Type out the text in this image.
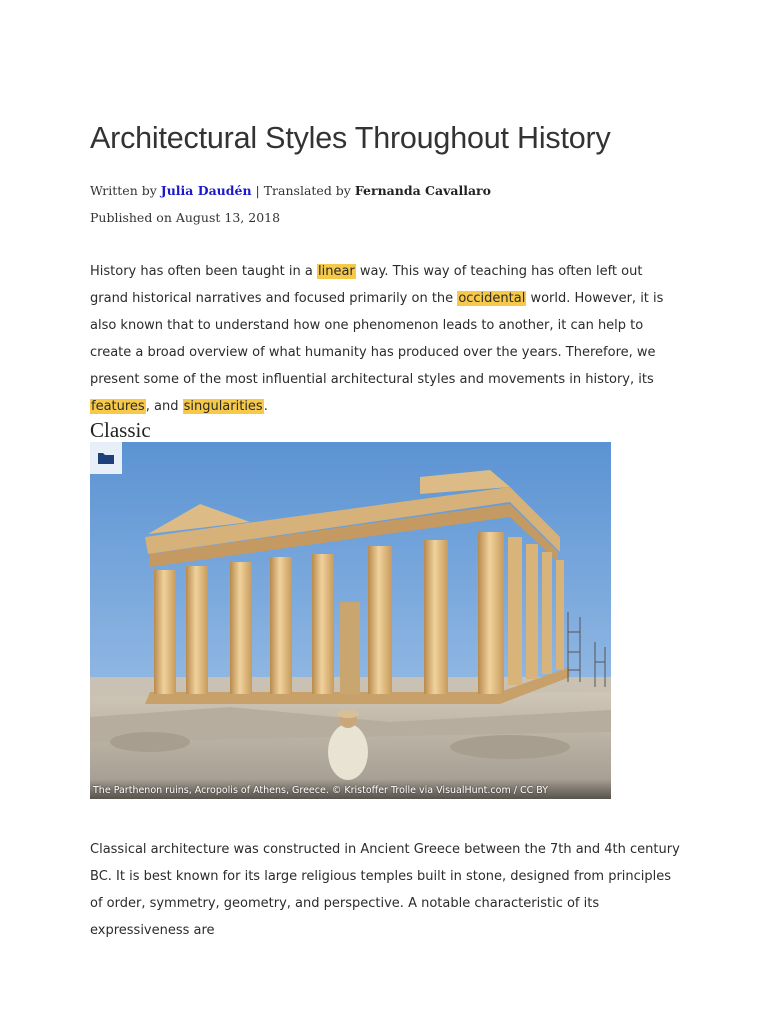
Architectural Styles Throughout History
Written by Julia Daudén | Translated by Fernanda Cavallaro
Published on August 13, 2018

History has often been taught in a linear way. This way of teaching has often left out grand historical narratives and focused primarily on the occidental world. However, it is also known that to understand how one phenomenon leads to another, it can help to create a broad overview of what humanity has produced over the years. Therefore, we present some of the most influential architectural styles and movements in history, its features, and singularities.

Classic
The Parthenon ruins, Acropolis of Athens, Greece. © Kristoffer Trolle via VisualHunt.com / CC BY

Classical architecture was constructed in Ancient Greece between the 7th and 4th century BC. It is best known for its large religious temples built in stone, designed from principles of order, symmetry, geometry, and perspective. A notable characteristic of its expressiveness are
